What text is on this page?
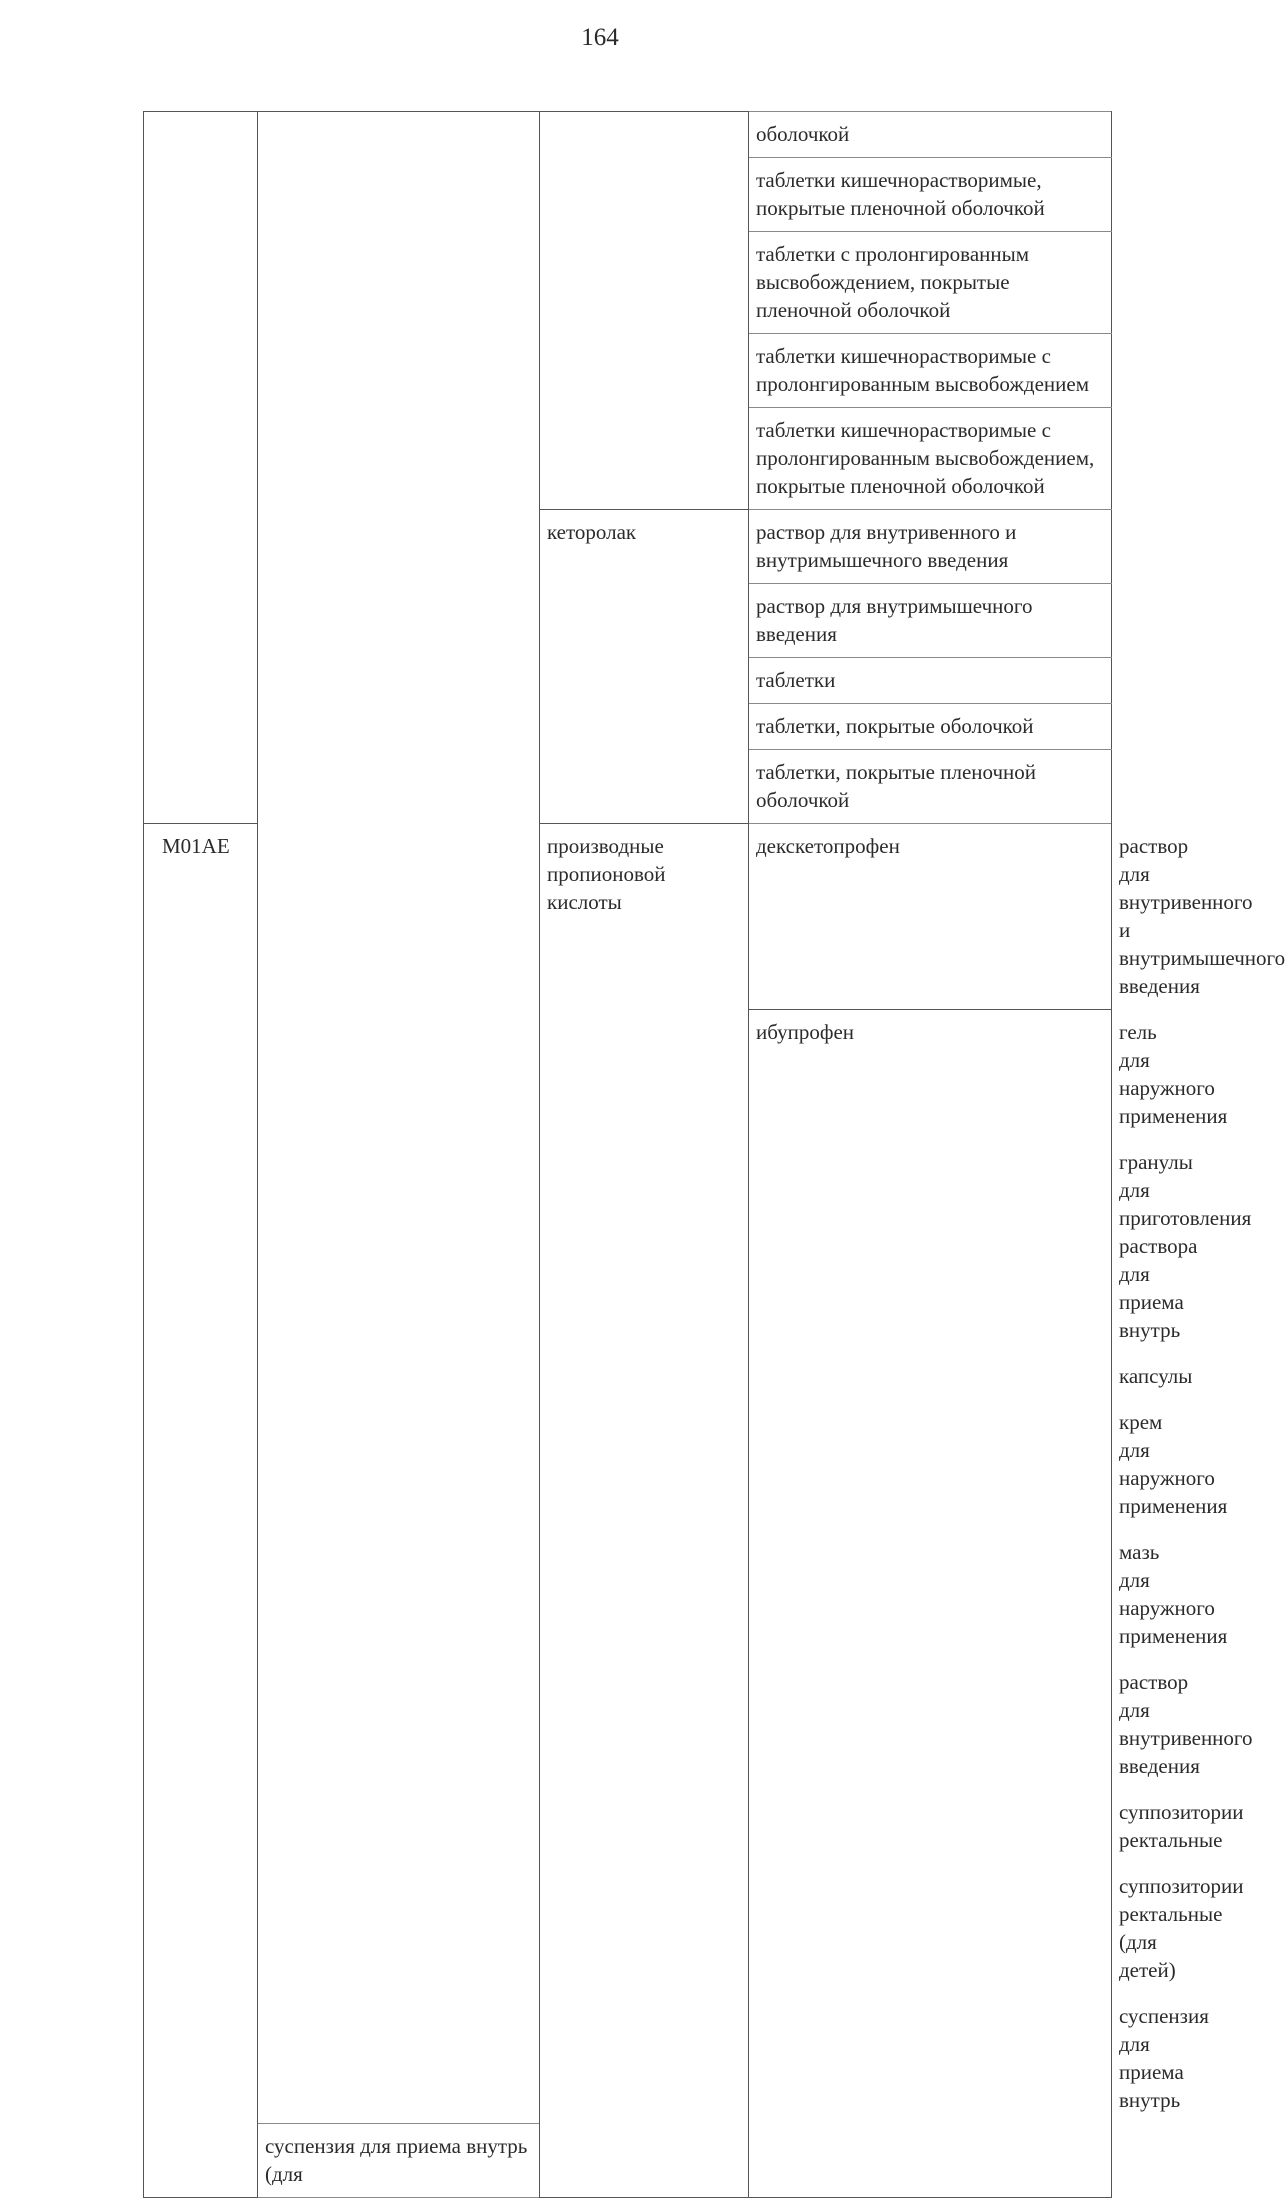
164

			оболочкой	

			таблетки кишечнорастворимые, покрытые пленочной оболочкой	

			таблетки с пролонгированным высвобождением, покрытые пленочной оболочкой	

			таблетки кишечнорастворимые с пролонгированным высвобождением	

			таблетки кишечнорастворимые с пролонгированным высвобождением, покрытые пленочной оболочкой	

		кеторолак	раствор для внутривенного и внутримышечного введения	

			раствор для внутримышечного введения	

			таблетки	

			таблетки, покрытые оболочкой	

			таблетки, покрытые пленочной оболочкой	

M01AE		производные пропионовой кислоты	декскетопрофен	раствор для внутривенного и внутримышечного введения

			ибупрофен	гель для наружного применения

				гранулы для приготовления раствора для приема внутрь

				капсулы

				крем для наружного применения

				мазь для наружного применения

				раствор для внутривенного введения

				суппозитории ректальные

				суппозитории ректальные (для детей)

				суспензия для приема внутрь

	суспензия для приема внутрь (для			
